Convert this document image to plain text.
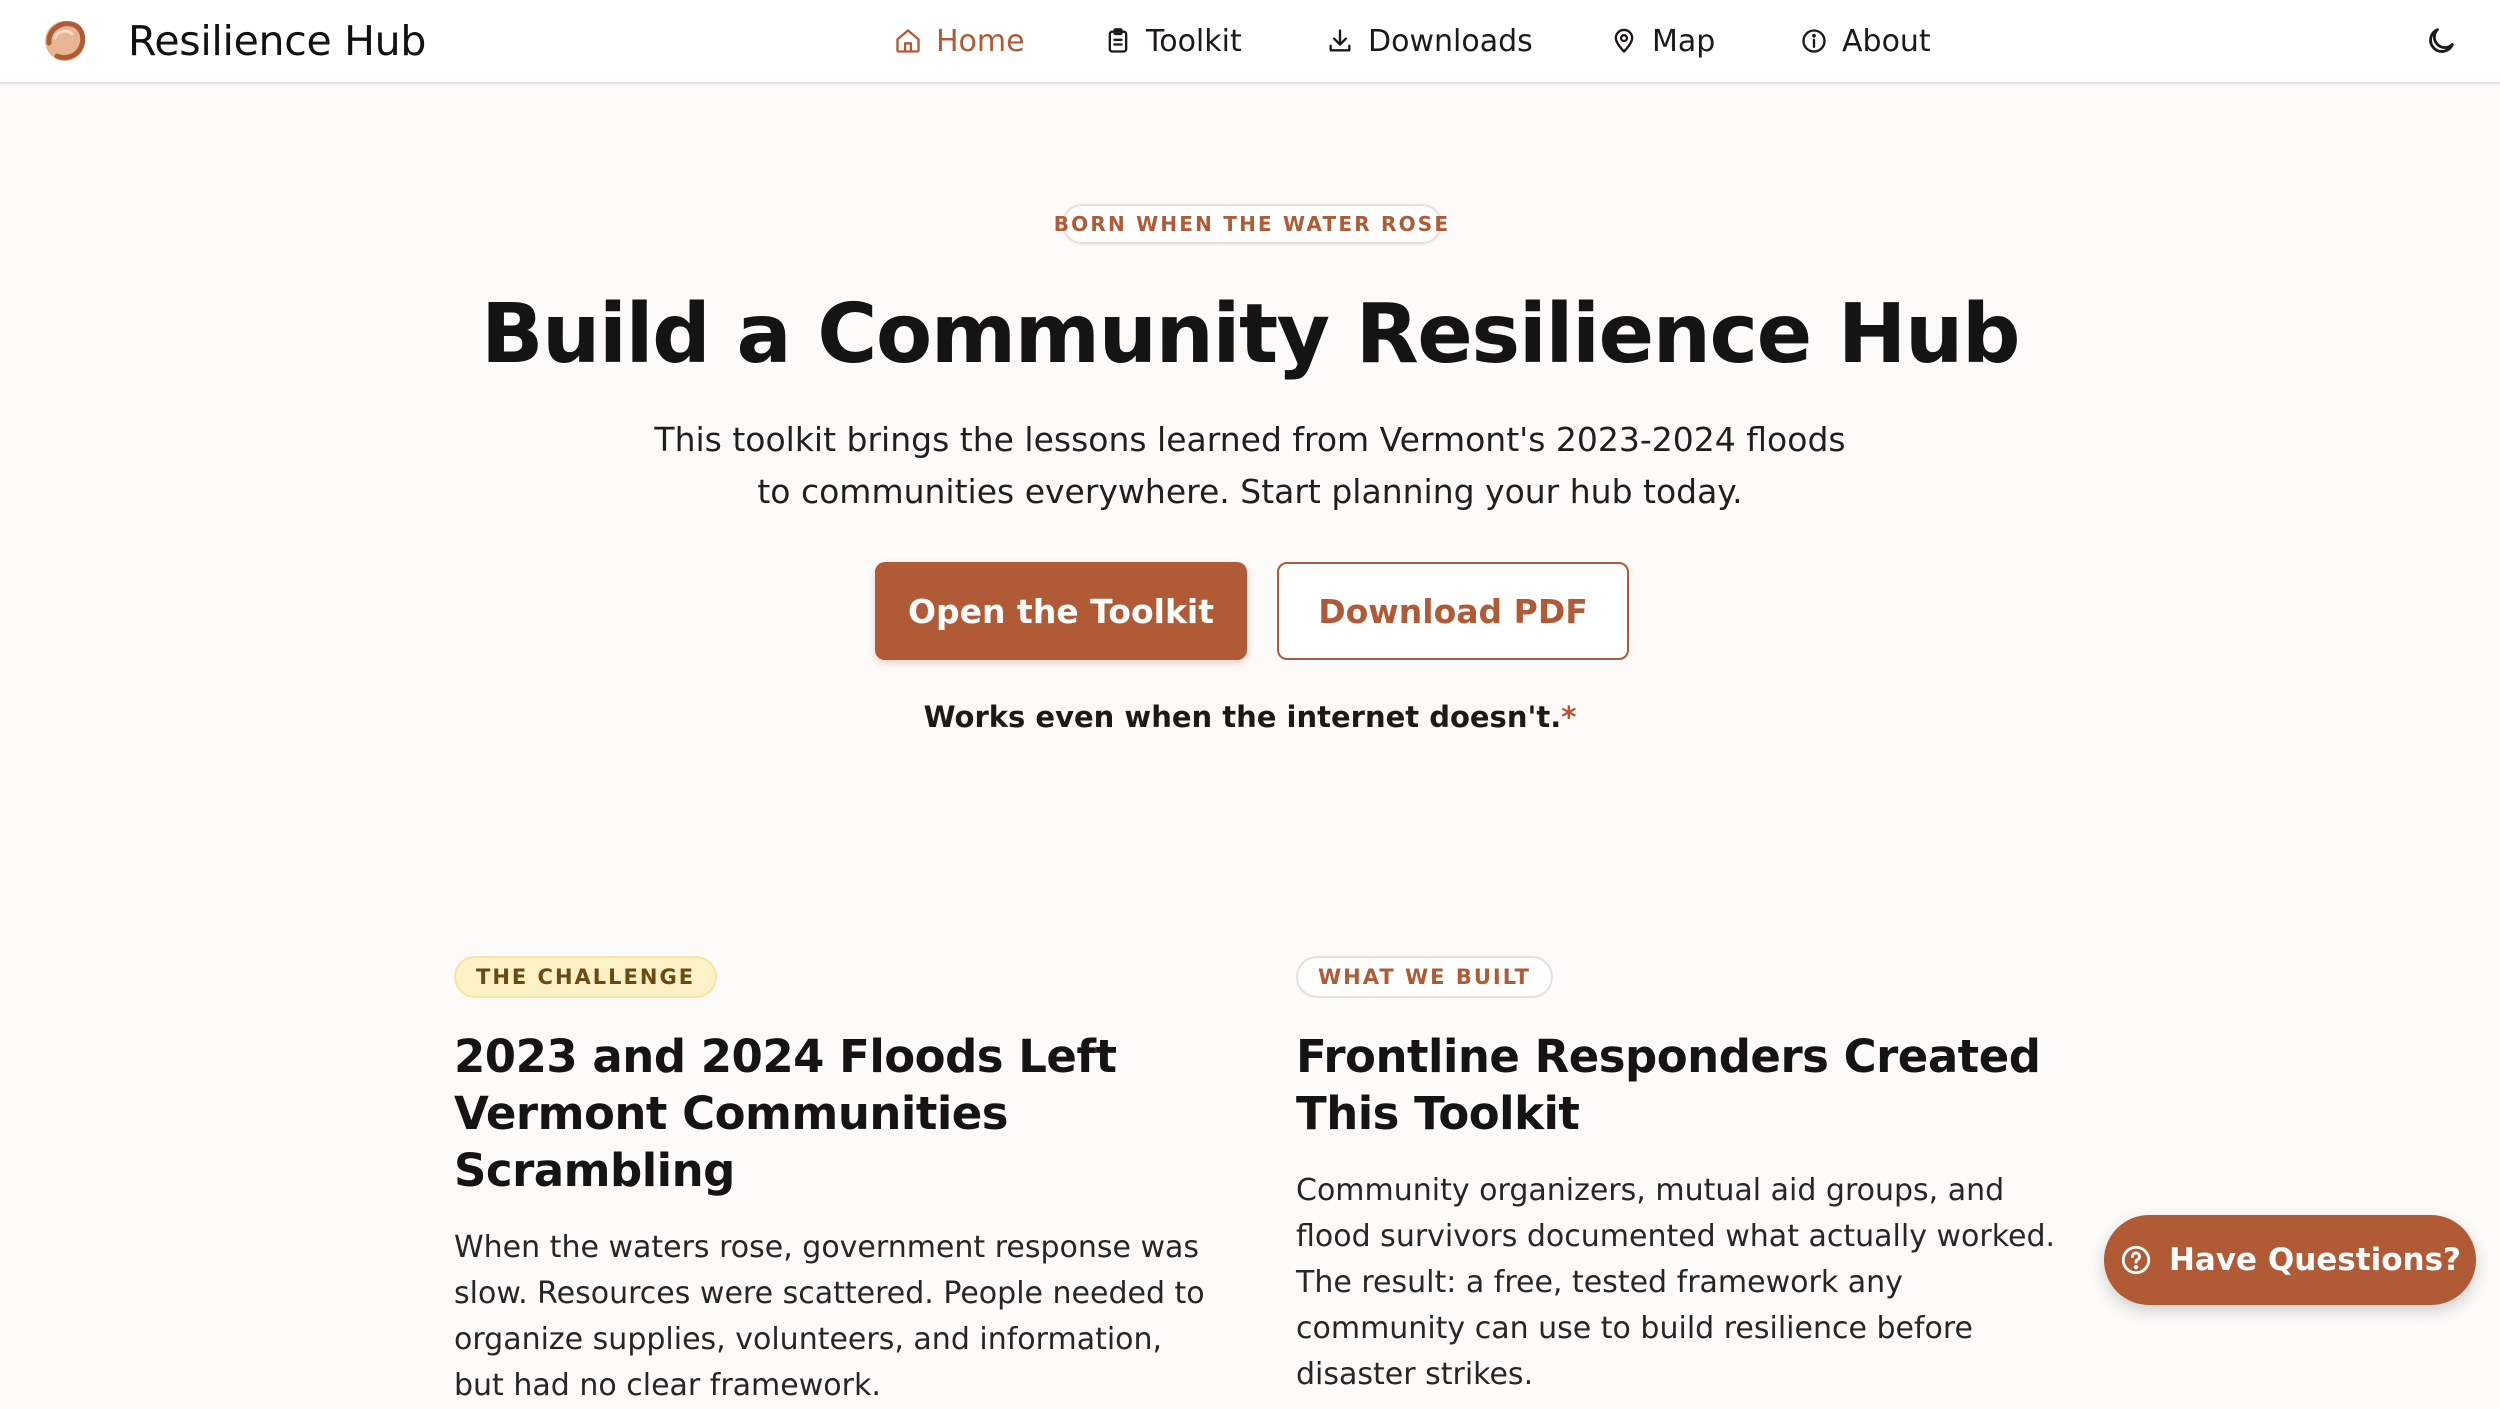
Resilience Hub	Home	Toolkit	Downloads	Map	About
BORN WHEN THE WATER ROSE
Build a Community Resilience Hub

This toolkit brings the lessons learned from Vermont's 2023-2024 floods to communities everywhere. Start planning your hub today.

Open the Toolkit	Download PDF

Works even when the internet doesn't.*

THE CHALLENGE
2023 and 2024 Floods Left Vermont Communities Scrambling

When the waters rose, government response was slow. Resources were scattered. People needed to organize supplies, volunteers, and information, but had no clear framework.

WHAT WE BUILT
Frontline Responders Created This Toolkit

Community organizers, mutual aid groups, and flood survivors documented what actually worked. The result: a free, tested framework any community can use to build resilience before disaster strikes.

Have Questions?
